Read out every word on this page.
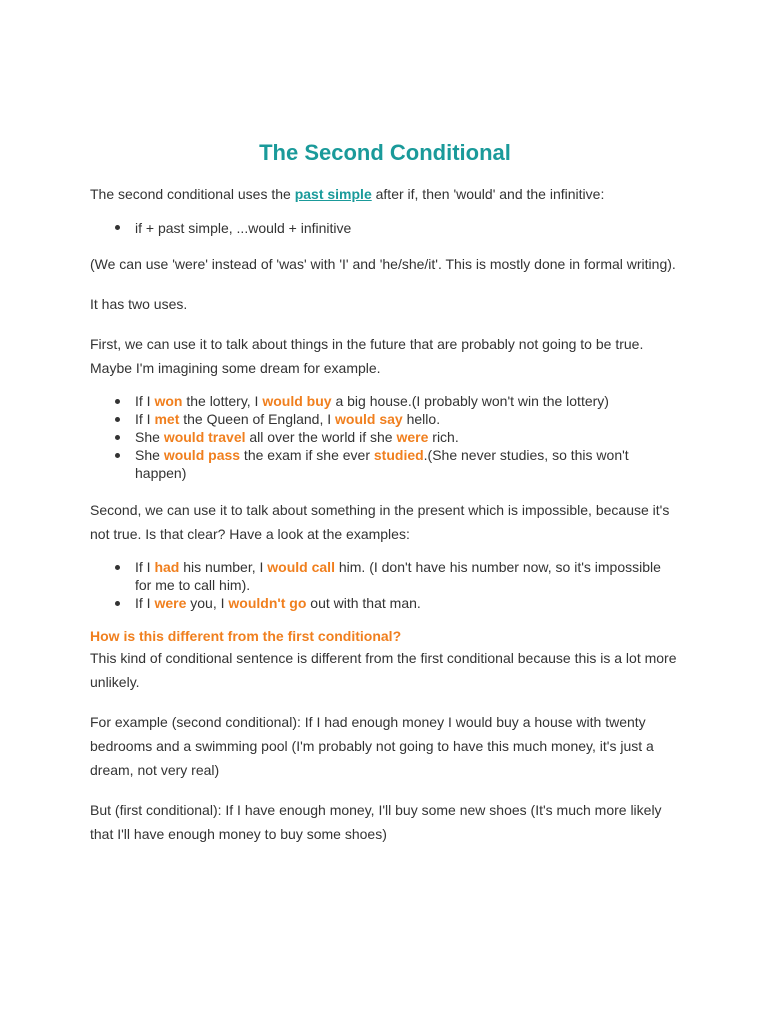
The Second Conditional

The second conditional uses the past simple after if, then 'would' and the infinitive:

if + past simple, ...would + infinitive

(We can use 'were' instead of 'was' with 'I' and 'he/she/it'. This is mostly done in formal writing).

It has two uses.

First, we can use it to talk about things in the future that are probably not going to be true. Maybe I'm imagining some dream for example.

If I won the lottery, I would buy a big house.(I probably won't win the lottery)
If I met the Queen of England, I would say hello.
She would travel all over the world if she were rich.
She would pass the exam if she ever studied.(She never studies, so this won't happen)

Second, we can use it to talk about something in the present which is impossible, because it's not true. Is that clear? Have a look at the examples:

If I had his number, I would call him. (I don't have his number now, so it's impossible for me to call him).
If I were you, I wouldn't go out with that man.
How is this different from the first conditional?

This kind of conditional sentence is different from the first conditional because this is a lot more unlikely.

For example (second conditional): If I had enough money I would buy a house with twenty bedrooms and a swimming pool (I'm probably not going to have this much money, it's just a dream, not very real)

But (first conditional): If I have enough money, I'll buy some new shoes (It's much more likely that I'll have enough money to buy some shoes)
